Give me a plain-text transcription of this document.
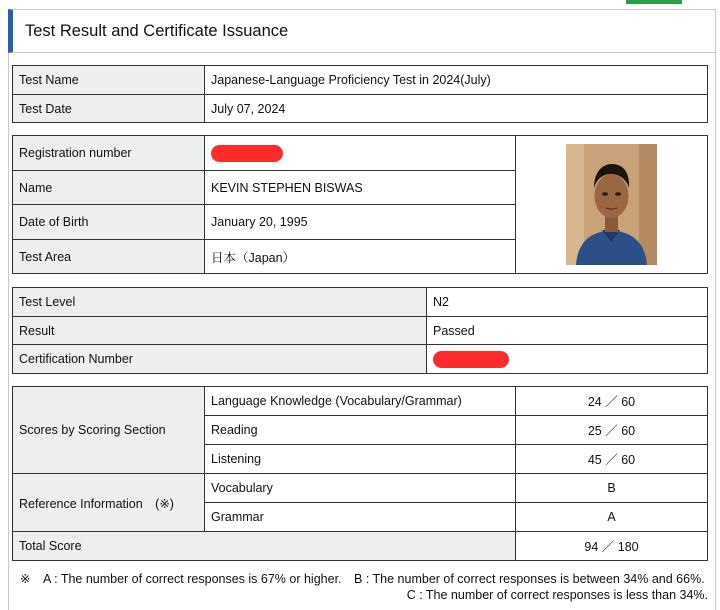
Test Result and Certificate Issuance
Test Name	Japanese-Language Proficiency Test in 2024(July)
Test Date	July 07, 2024
Registration number		
Name	KEVIN STEPHEN BISWAS	
Date of Birth	January 20, 1995	
Test Area	日本（Japan）	
Test Level	N2
Result	Passed
Certification Number	
Scores by Scoring Section	Language Knowledge (Vocabulary/Grammar)	24 ／ 60
	Reading	25 ／ 60
	Listening	45 ／ 60
Reference Information　(※)	Vocabulary	B
	Grammar	A
Total Score		94 ／ 180
※　A : The number of correct responses is 67% or higher.　B : The number of correct responses is between 34% and 66%.
C : The number of correct responses is less than 34%.
